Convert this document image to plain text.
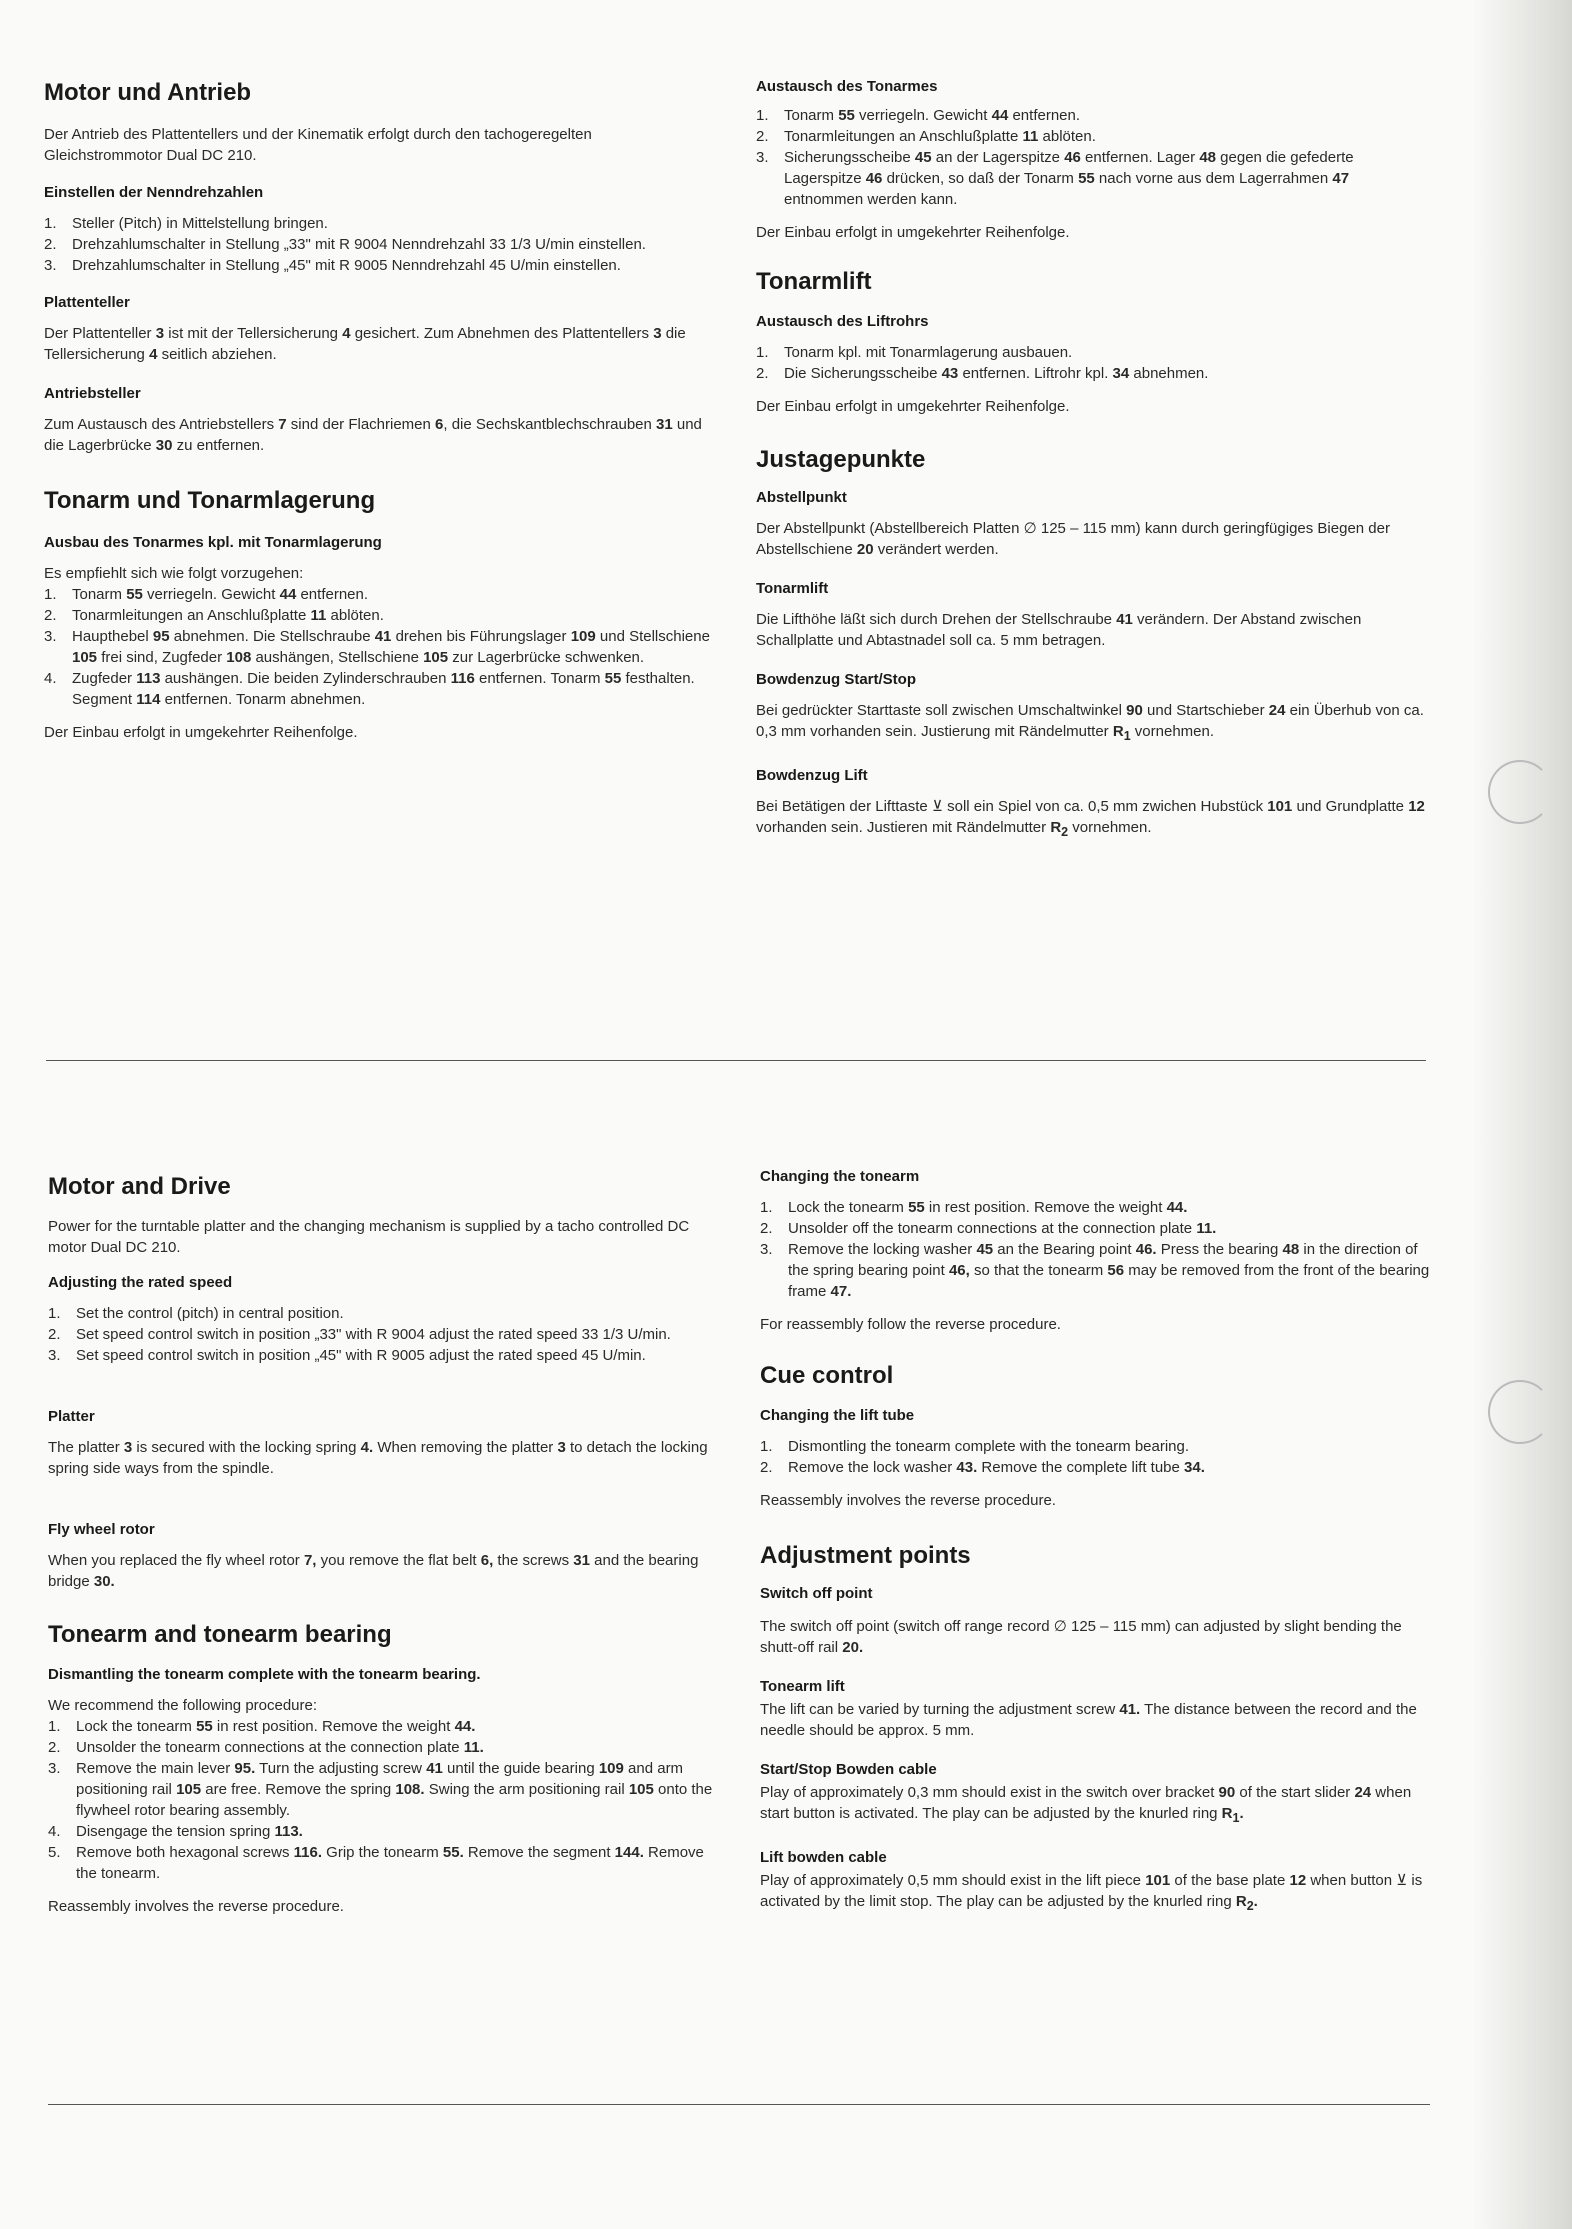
Motor und Antrieb

Der Antrieb des Plattentellers und der Kinematik erfolgt durch den tachogeregelten Gleichstrommotor Dual DC 210.

Einstellen der Nenndrehzahlen
1. Steller (Pitch) in Mittelstellung bringen.
2. Drehzahlumschalter in Stellung „33" mit R 9004 Nenndrehzahl 33 1/3 U/min einstellen.
3. Drehzahlumschalter in Stellung „45" mit R 9005 Nenndrehzahl 45 U/min einstellen.
Plattenteller

Der Plattenteller 3 ist mit der Tellersicherung 4 gesichert. Zum Abnehmen des Plattentellers 3 die Tellersicherung 4 seitlich abziehen.

Antriebsteller

Zum Austausch des Antriebstellers 7 sind der Flachriemen 6, die Sechskantblechschrauben 31 und die Lagerbrücke 30 zu entfernen.

Tonarm und Tonarmlagerung
Ausbau des Tonarmes kpl. mit Tonarmlagerung

Es empfiehlt sich wie folgt vorzugehen:

1. Tonarm 55 verriegeln. Gewicht 44 entfernen.
2. Tonarmleitungen an Anschlußplatte 11 ablöten.
3. Haupthebel 95 abnehmen. Die Stellschraube 41 drehen bis Führungslager 109 und Stellschiene 105 frei sind, Zugfeder 108 aushängen, Stellschiene 105 zur Lagerbrücke schwenken.
4. Zugfeder 113 aushängen. Die beiden Zylinderschrauben 116 entfernen. Tonarm 55 festhalten. Segment 114 entfernen. Tonarm abnehmen.

Der Einbau erfolgt in umgekehrter Reihenfolge.

Austausch des Tonarmes
1. Tonarm 55 verriegeln. Gewicht 44 entfernen.
2. Tonarmleitungen an Anschlußplatte 11 ablöten.
3. Sicherungsscheibe 45 an der Lagerspitze 46 entfernen. Lager 48 gegen die gefederte Lagerspitze 46 drücken, so daß der Tonarm 55 nach vorne aus dem Lagerrahmen 47 entnommen werden kann.

Der Einbau erfolgt in umgekehrter Reihenfolge.

Tonarmlift
Austausch des Liftrohrs
1. Tonarm kpl. mit Tonarmlagerung ausbauen.
2. Die Sicherungsscheibe 43 entfernen. Liftrohr kpl. 34 abnehmen.

Der Einbau erfolgt in umgekehrter Reihenfolge.

Justagepunkte
Abstellpunkt

Der Abstellpunkt (Abstellbereich Platten ∅ 125 – 115 mm) kann durch geringfügiges Biegen der Abstellschiene 20 verändert werden.

Tonarmlift

Die Lifthöhe läßt sich durch Drehen der Stellschraube 41 verändern. Der Abstand zwischen Schallplatte und Abtastnadel soll ca. 5 mm betragen.

Bowdenzug Start/Stop

Bei gedrückter Starttaste soll zwischen Umschaltwinkel 90 und Startschieber 24 ein Überhub von ca. 0,3 mm vorhanden sein. Justierung mit Rändelmutter $R_1$ vornehmen.

Bowdenzug Lift

Bei Betätigen der Lifttaste ⊻ soll ein Spiel von ca. 0,5 mm zwichen Hubstück 101 und Grundplatte 12 vorhanden sein. Justieren mit Rändelmutter $R_2$ vornehmen.

Motor and Drive

Power for the turntable platter and the changing mechanism is supplied by a tacho controlled DC motor Dual DC 210.

Adjusting the rated speed
1. Set the control (pitch) in central position.
2. Set speed control switch in position „33" with R 9004 adjust the rated speed 33 1/3 U/min.
3. Set speed control switch in position „45" with R 9005 adjust the rated speed 45 U/min.
Platter

The platter 3 is secured with the locking spring 4. When removing the platter 3 to detach the locking spring side ways from the spindle.

Fly wheel rotor

When you replaced the fly wheel rotor 7, you remove the flat belt 6, the screws 31 and the bearing bridge 30.

Tonearm and tonearm bearing
Dismantling the tonearm complete with the tonearm bearing.

We recommend the following procedure:

1. Lock the tonearm 55 in rest position. Remove the weight 44.
2. Unsolder the tonearm connections at the connection plate 11.
3. Remove the main lever 95. Turn the adjusting screw 41 until the guide bearing 109 and arm positioning rail 105 are free. Remove the spring 108. Swing the arm positioning rail 105 onto the flywheel rotor bearing assembly.
4. Disengage the tension spring 113.
5. Remove both hexagonal screws 116. Grip the tonearm 55. Remove the segment 144. Remove the tonearm.

Reassembly involves the reverse procedure.

Changing the tonearm
1. Lock the tonearm 55 in rest position. Remove the weight 44.
2. Unsolder off the tonearm connections at the connection plate 11.
3. Remove the locking washer 45 an the Bearing point 46. Press the bearing 48 in the direction of the spring bearing point 46, so that the tonearm 56 may be removed from the front of the bearing frame 47.

For reassembly follow the reverse procedure.

Cue control
Changing the lift tube
1. Dismontling the tonearm complete with the tonearm bearing.
2. Remove the lock washer 43. Remove the complete lift tube 34.

Reassembly involves the reverse procedure.

Adjustment points
Switch off point

The switch off point (switch off range record ∅ 125 – 115 mm) can adjusted by slight bending the shutt-off rail 20.

Tonearm lift

The lift can be varied by turning the adjustment screw 41. The distance between the record and the needle should be approx. 5 mm.

Start/Stop Bowden cable

Play of approximately 0,3 mm should exist in the switch over bracket 90 of the start slider 24 when start button is activated. The play can be adjusted by the knurled ring $R_1$.

Lift bowden cable

Play of approximately 0,5 mm should exist in the lift piece 101 of the base plate 12 when button ⊻ is activated by the limit stop. The play can be adjusted by the knurled ring $R_2$.
